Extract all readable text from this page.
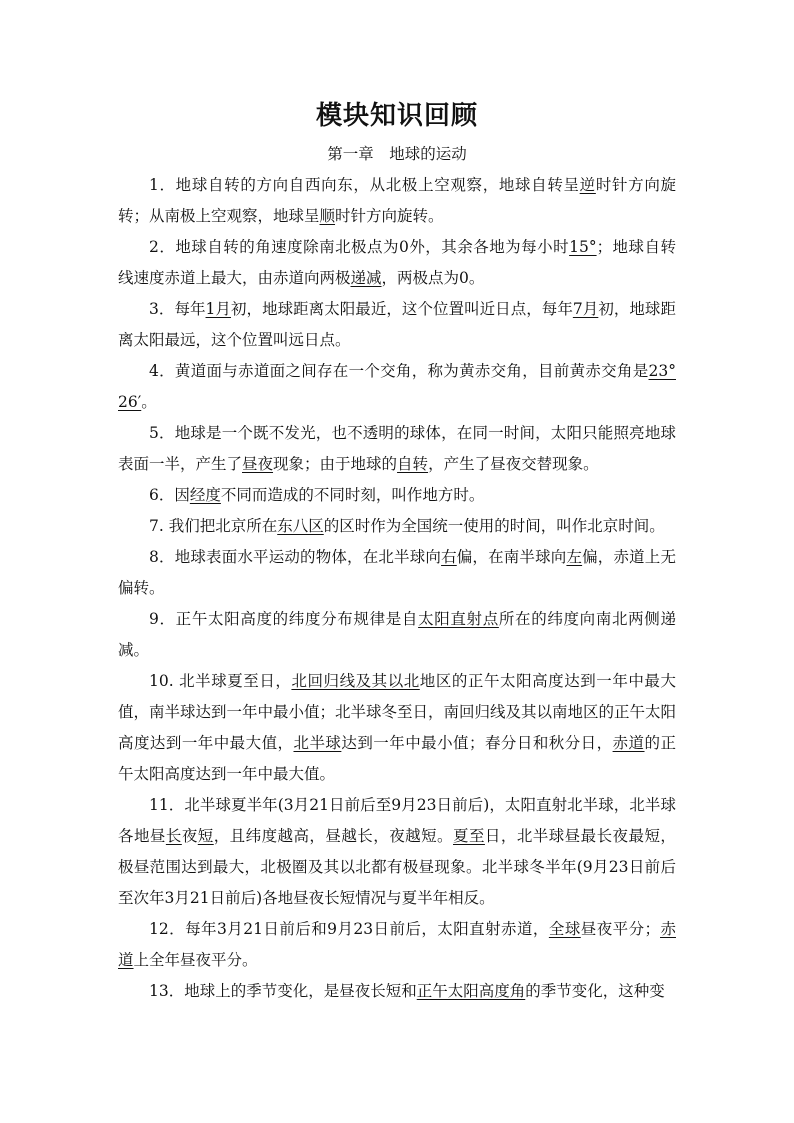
模块知识回顾
第一章　地球的运动

1．地球自转的方向自西向东，从北极上空观察，地球自转呈逆时针方向旋转；从南极上空观察，地球呈顺时针方向旋转。

2．地球自转的角速度除南北极点为0外，其余各地为每小时15°；地球自转线速度赤道上最大，由赤道向两极递减，两极点为0。

3．每年1月初，地球距离太阳最近，这个位置叫近日点，每年7月初，地球距离太阳最远，这个位置叫远日点。

4．黄道面与赤道面之间存在一个交角，称为黄赤交角，目前黄赤交角是23°26′。

5．地球是一个既不发光，也不透明的球体，在同一时间，太阳只能照亮地球表面一半，产生了昼夜现象；由于地球的自转，产生了昼夜交替现象。

6．因经度不同而造成的不同时刻，叫作地方时。

7. 我们把北京所在东八区的区时作为全国统一使用的时间，叫作北京时间。

8．地球表面水平运动的物体，在北半球向右偏，在南半球向左偏，赤道上无偏转。

9．正午太阳高度的纬度分布规律是自太阳直射点所在的纬度向南北两侧递减。

10. 北半球夏至日，北回归线及其以北地区的正午太阳高度达到一年中最大值，南半球达到一年中最小值；北半球冬至日，南回归线及其以南地区的正午太阳高度达到一年中最大值，北半球达到一年中最小值；春分日和秋分日，赤道的正午太阳高度达到一年中最大值。

11．北半球夏半年(3月21日前后至9月23日前后)，太阳直射北半球，北半球各地昼长夜短，且纬度越高，昼越长，夜越短。夏至日，北半球昼最长夜最短，极昼范围达到最大，北极圈及其以北都有极昼现象。北半球冬半年(9月23日前后至次年3月21日前后)各地昼夜长短情况与夏半年相反。

12．每年3月21日前后和9月23日前后，太阳直射赤道，全球昼夜平分；赤道上全年昼夜平分。

13．地球上的季节变化，是昼夜长短和正午太阳高度角的季节变化，这种变
